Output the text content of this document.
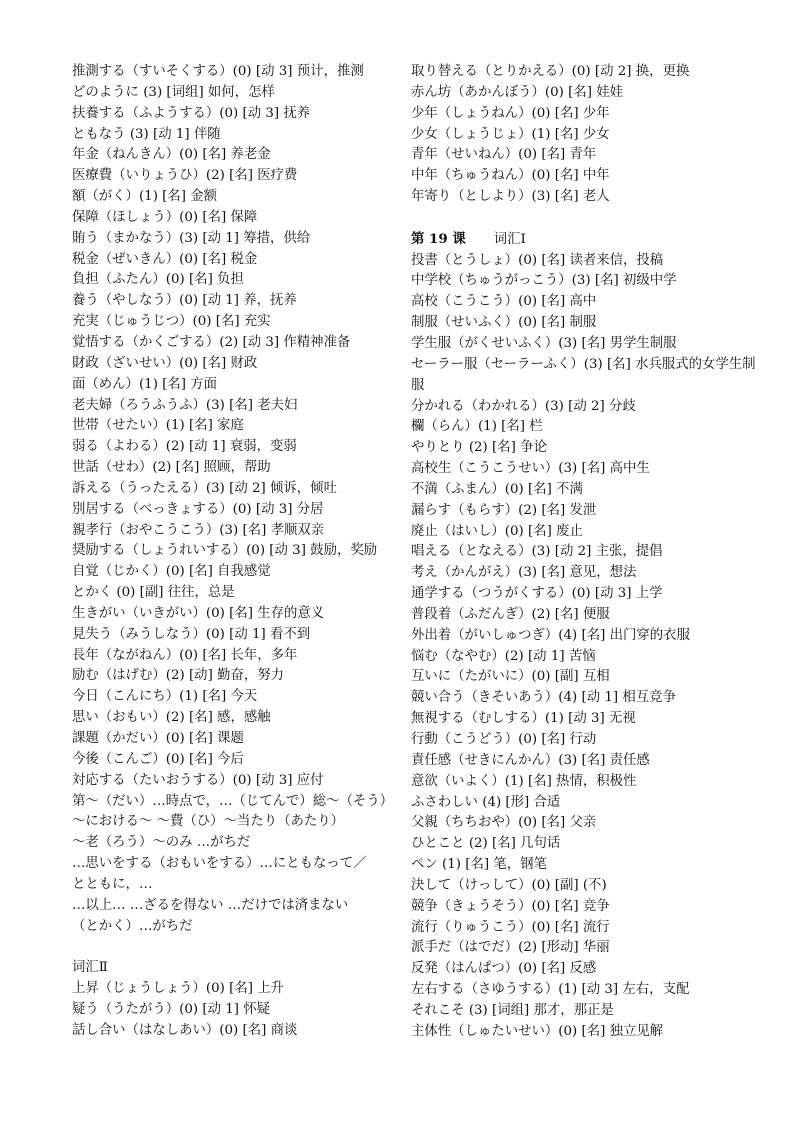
推測する（すいそくする）(0) [动 3] 预计，推测
どのように (3) [词组] 如何，怎样
扶養する（ふようする）(0) [动 3] 抚养
ともなう (3) [动 1] 伴随
年金（ねんきん）(0) [名] 养老金
医療費（いりょうひ）(2) [名] 医疗费
額（がく）(1) [名] 金额
保障（ほしょう）(0) [名] 保障
賄う（まかなう）(3) [动 1] 筹措，供给
税金（ぜいきん）(0) [名] 税金
負担（ふたん）(0) [名] 负担
養う（やしなう）(0) [动 1] 养，抚养
充実（じゅうじつ）(0) [名] 充实
覚悟する（かくごする）(2) [动 3] 作精神准备
財政（ざいせい）(0) [名] 财政
面（めん）(1) [名] 方面
老夫婦（ろうふうふ）(3) [名] 老夫妇
世帯（せたい）(1) [名] 家庭
弱る（よわる）(2) [动 1] 衰弱，变弱
世話（せわ）(2) [名] 照顾，帮助
訴える（うったえる）(3) [动 2] 倾诉，倾吐
別居する（べっきょする）(0) [动 3] 分居
親孝行（おやこうこう）(3) [名] 孝顺双亲
奨励する（しょうれいする）(0) [动 3] 鼓励，奖励
自覚（じかく）(0) [名] 自我感觉
とかく (0) [副] 往往，总是
生きがい（いきがい）(0) [名] 生存的意义
見失う（みうしなう）(0) [动 1] 看不到
長年（ながねん）(0) [名] 长年，多年
励む（はげむ）(2) [动] 勤奋，努力
今日（こんにち）(1) [名] 今天
思い（おもい）(2) [名] 感，感触
課題（かだい）(0) [名] 课题
今後（こんご）(0) [名] 今后
対応する（たいおうする）(0) [动 3] 应付
第～（だい）…時点で，…（じてんで）総～（そう）
～における～ ～費（ひ）～当たり（あたり）
～老（ろう）～のみ …がちだ
…思いをする（おもいをする）…にともなって／
とともに，…
…以上… …ざるを得ない …だけでは済まない
（とかく）…がちだ
词汇Ⅱ
上昇（じょうしょう）(0) [名] 上升
疑う（うたがう）(0) [动 1] 怀疑
話し合い（はなしあい）(0) [名] 商谈
取り替える（とりかえる）(0) [动 2] 换，更换
赤ん坊（あかんぼう）(0) [名] 娃娃
少年（しょうねん）(0) [名] 少年
少女（しょうじょ）(1) [名] 少女
青年（せいねん）(0) [名] 青年
中年（ちゅうねん）(0) [名] 中年
年寄り（としより）(3) [名] 老人
第 19 课 词汇Ⅰ
投書（とうしょ）(0) [名] 读者来信，投稿
中学校（ちゅうがっこう）(3) [名] 初级中学
高校（こうこう）(0) [名] 高中
制服（せいふく）(0) [名] 制服
学生服（がくせいふく）(3) [名] 男学生制服
セーラー服（セーラーふく）(3) [名] 水兵服式的女学生制服
分かれる（わかれる）(3) [动 2] 分歧
欄（らん）(1) [名] 栏
やりとり (2) [名] 争论
高校生（こうこうせい）(3) [名] 高中生
不満（ふまん）(0) [名] 不满
漏らす（もらす）(2) [名] 发泄
廃止（はいし）(0) [名] 废止
唱える（となえる）(3) [动 2] 主张，提倡
考え（かんがえ）(3) [名] 意见，想法
通学する（つうがくする）(0) [动 3] 上学
普段着（ふだんぎ）(2) [名] 便服
外出着（がいしゅつぎ）(4) [名] 出门穿的衣服
悩む（なやむ）(2) [动 1] 苦恼
互いに（たがいに）(0) [副] 互相
競い合う（きそいあう）(4) [动 1] 相互竞争
無視する（むしする）(1) [动 3] 无视
行動（こうどう）(0) [名] 行动
責任感（せきにんかん）(3) [名] 责任感
意欲（いよく）(1) [名] 热情，积极性
ふさわしい (4) [形] 合适
父親（ちちおや）(0) [名] 父亲
ひとこと (2) [名] 几句话
ペン (1) [名] 笔，钢笔
決して（けっして）(0) [副] (不)
競争（きょうそう）(0) [名] 竞争
流行（りゅうこう）(0) [名] 流行
派手だ（はでだ）(2) [形动] 华丽
反発（はんぱつ）(0) [名] 反感
左右する（さゆうする）(1) [动 3] 左右，支配
それこそ (3) [词组] 那才，那正是
主体性（しゅたいせい）(0) [名] 独立见解
